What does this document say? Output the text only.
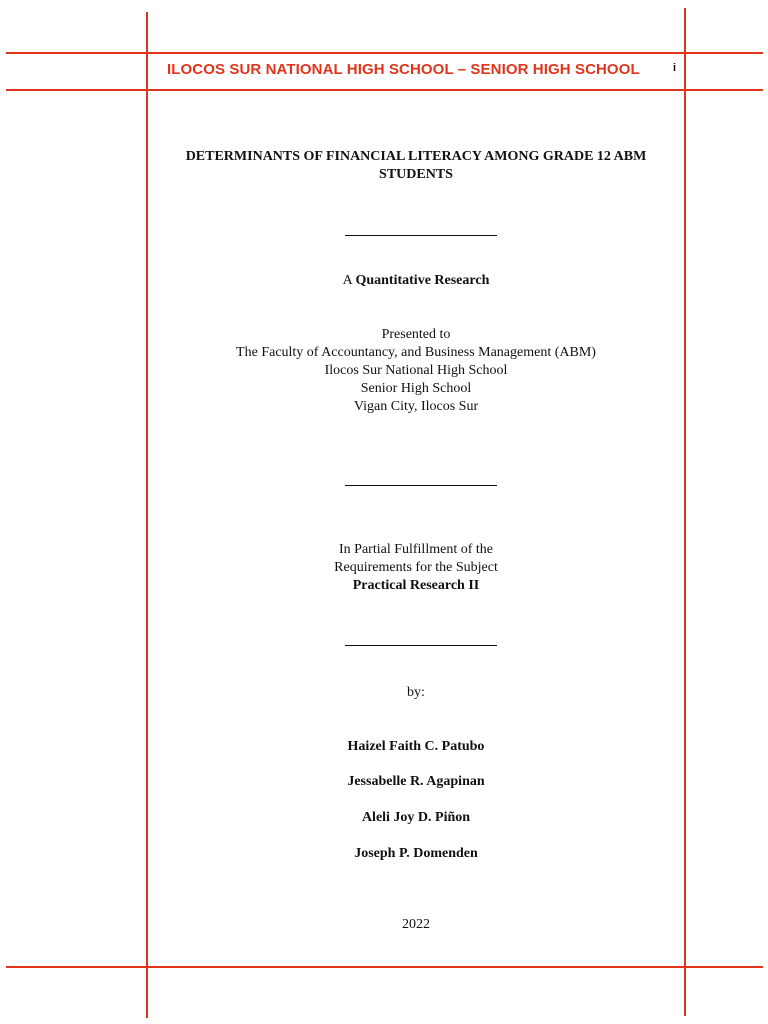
ILOCOS SUR NATIONAL HIGH SCHOOL – SENIOR HIGH SCHOOL	i
DETERMINANTS OF FINANCIAL LITERACY AMONG GRADE 12 ABM STUDENTS
A Quantitative Research
Presented to
The Faculty of Accountancy, and Business Management (ABM)
Ilocos Sur National High School
Senior High School
Vigan City, Ilocos Sur
In Partial Fulfillment of the
Requirements for the Subject
Practical Research II
by:
Haizel Faith C. Patubo
Jessabelle R. Agapinan
Aleli Joy D. Piñon
Joseph P. Domenden
2022
